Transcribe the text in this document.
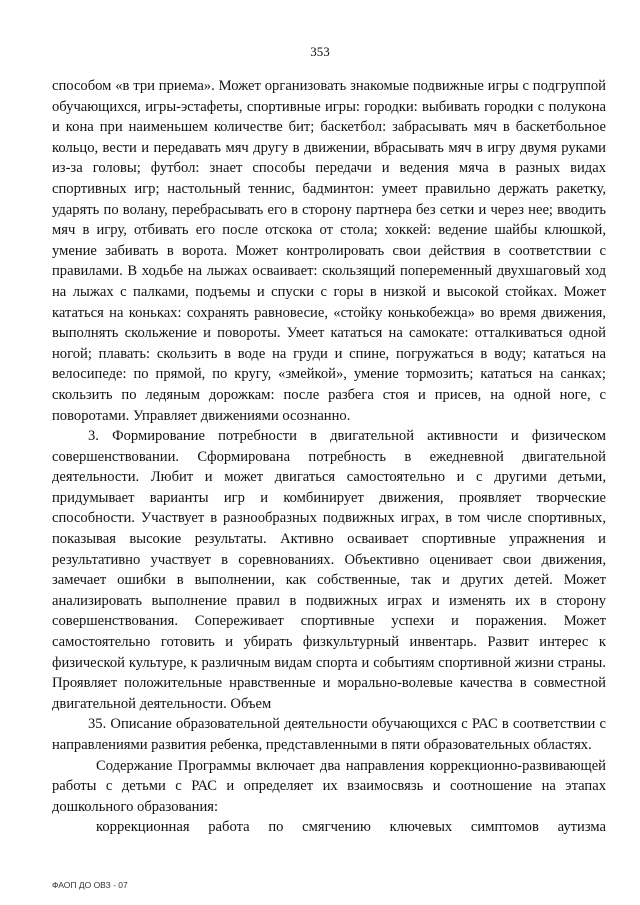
353

способом «в три приема». Может организовать знакомые подвижные игры с подгруппой обучающихся, игры-эстафеты, спортивные игры: городки: выбивать городки с полукона и кона при наименьшем количестве бит; баскетбол: забрасывать мяч в баскетбольное кольцо, вести и передавать мяч другу в движении, вбрасывать мяч в игру двумя руками из-за головы; футбол: знает способы передачи и ведения мяча в разных видах спортивных игр; настольный теннис, бадминтон: умеет правильно держать ракетку, ударять по волану, перебрасывать его в сторону партнера без сетки и через нее; вводить мяч в игру, отбивать его после отскока от стола; хоккей: ведение шайбы клюшкой, умение забивать в ворота. Может контролировать свои действия в соответствии с правилами. В ходьбе на лыжах осваивает: скользящий попеременный двухшаговый ход на лыжах с палками, подъемы и спуски с горы в низкой и высокой стойках. Может кататься на коньках: сохранять равновесие, «стойку конькобежца» во время движения, выполнять скольжение и повороты. Умеет кататься на самокате: отталкиваться одной ногой; плавать: скользить в воде на груди и спине, погружаться в воду; кататься на велосипеде: по прямой, по кругу, «змейкой», умение тормозить; кататься на санках; скользить по ледяным дорожкам: после разбега стоя и присев, на одной ноге, с поворотами. Управляет движениями осознанно.

3. Формирование потребности в двигательной активности и физическом совершенствовании. Сформирована потребность в ежедневной двигательной деятельности. Любит и может двигаться самостоятельно и с другими детьми, придумывает варианты игр и комбинирует движения, проявляет творческие способности. Участвует в разнообразных подвижных играх, в том числе спортивных, показывая высокие результаты. Активно осваивает спортивные упражнения и результативно участвует в соревнованиях. Объективно оценивает свои движения, замечает ошибки в выполнении, как собственные, так и других детей. Может анализировать выполнение правил в подвижных играх и изменять их в сторону совершенствования. Сопереживает спортивные успехи и поражения. Может самостоятельно готовить и убирать физкультурный инвентарь. Развит интерес к физической культуре, к различным видам спорта и событиям спортивной жизни страны. Проявляет положительные нравственные и морально-волевые качества в совместной двигательной деятельности. Объем

35. Описание образовательной деятельности обучающихся с РАС в соответствии с направлениями развития ребенка, представленными в пяти образовательных областях.

Содержание Программы включает два направления коррекционно-развивающей работы с детьми с РАС и определяет их взаимосвязь и соотношение на этапах дошкольного образования:

коррекционная работа по смягчению ключевых симптомов аутизма

ФАОП ДО ОВЗ - 07
